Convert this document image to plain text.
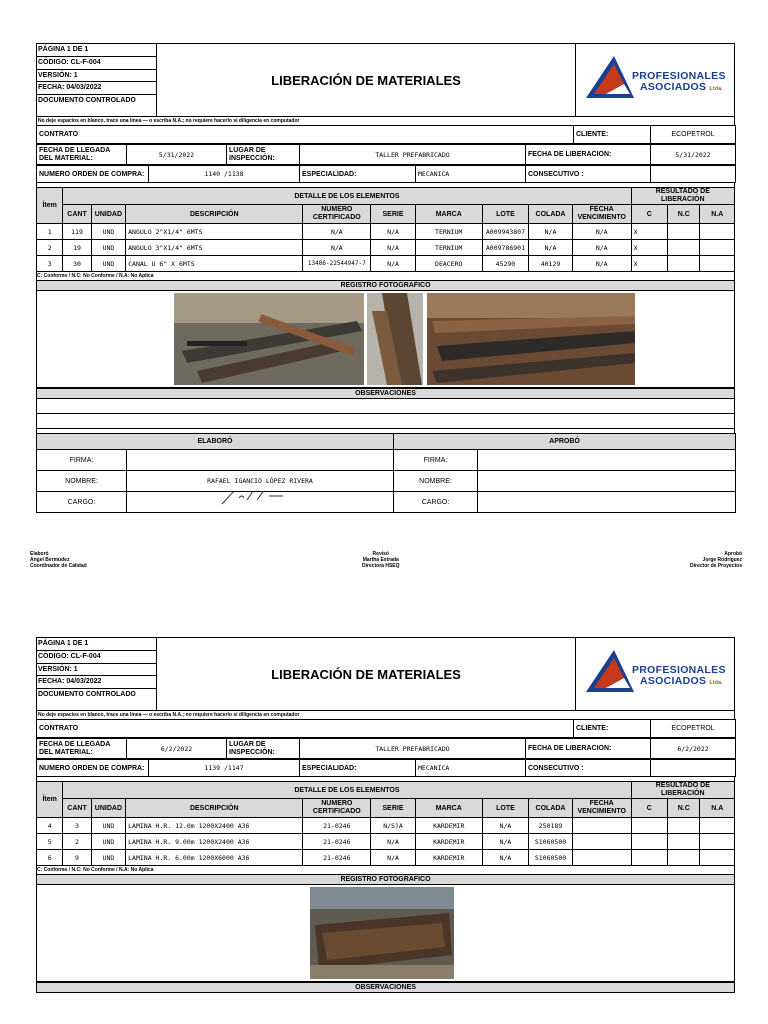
PÁGINA 1 DE 1
CÓDIGO: CL-F-004
VERSIÓN: 1
FECHA: 04/03/2022
DOCUMENTO CONTROLADO
LIBERACIÓN DE MATERIALES	PROFESIONALES
ASOCIADOS Ltda.
No deje espacios en blanco, trace una línea — o escriba N.A.; no requiere hacerlo si diligencia en computador
CONTRATO	CLIENTE:	ECOPETROL
FECHA DE LLEGADA DEL MATERIAL:	5/31/2022	LUGAR DE INSPECCIÓN:	TALLER PREFABRICADO	FECHA DE LIBERACION:	5/31/2022
NUMERO ORDEN DE COMPRA:	1140 /1138	ESPECIALIDAD:	MECANICA	CONSECUTIVO :	
Ítem	DETALLE DE LOS ELEMENTOS									RESULTADO DE LIBERACIÓN		
	CANT	UNIDAD	DESCRIPCIÓN	NUMERO CERTIFICADO	SERIE	MARCA	LOTE	COLADA	FECHA VENCIMIENTO	C	N.C	N.A
1	119	UND	ANGULO 2"X1/4" 6MTS	N/A	N/A	TERNIUM	A009943807	N/A	N/A	X		
2	19	UND	ANGULO 3"X1/4" 6MTS	N/A	N/A	TERNIUM	A009786901	N/A	N/A	X		
3	30	UND	CANAL U 6" X 6MTS	13486-22544947-7	N/A	DEACERO	45290	40129	N/A	X		
C: Conforme / N.C: No Conforme / N.A: No Aplica
REGISTRO FOTOGRAFICO
OBSERVACIONES
ELABORÓ		APROBÓ	
FIRMA:		FIRMA:	
NOMBRE:	RAFAEL IGANCIO LÓPEZ RIVERA	NOMBRE:	
CARGO:		CARGO:	
Elaboró
Angel Bermúdez
Coordinador de Calidad
Revisó
Martha Estrada
Directora HSEQ
Aprobó
Jorge Rodríguez
Director de Proyectos
PÁGINA 1 DE 1
CÓDIGO: CL-F-004
VERSIÓN: 1
FECHA: 04/03/2022
DOCUMENTO CONTROLADO
LIBERACIÓN DE MATERIALES	PROFESIONALES
ASOCIADOS Ltda.
No deje espacios en blanco, trace una línea — o escriba N.A.; no requiere hacerlo si diligencia en computador
CONTRATO	CLIENTE:	ECOPETROL
FECHA DE LLEGADA DEL MATERIAL:	6/2/2022	LUGAR DE INSPECCIÓN:	TALLER PREFABRICADO	FECHA DE LIBERACION:	6/2/2022
NUMERO ORDEN DE COMPRA:	1139 /1147	ESPECIALIDAD:	MECANICA	CONSECUTIVO :	
Ítem	DETALLE DE LOS ELEMENTOS									RESULTADO DE LIBERACIÓN		
	CANT	UNIDAD	DESCRIPCIÓN	NUMERO CERTIFICADO	SERIE	MARCA	LOTE	COLADA	FECHA VENCIMIENTO	C	N.C	N.A
4	3	UND	LAMINA H.R. 12.0m 1200X2400 A36	21-0246	N/S)A	KARDEMIR	N/A	250189				
5	2	UND	LAMINA H.R. 9.00m 1200X2400 A36	21-0246	N/A	KARDEMIR	N/A	S1060500				
6	9	UND	LAMINA H.R. 6.00m 1200X6000 A36	21-0246	N/A	KARDEMIR	N/A	S1060500				
C: Conforme / N.C: No Conforme / N.A: No Aplica
REGISTRO FOTOGRAFICO
OBSERVACIONES
